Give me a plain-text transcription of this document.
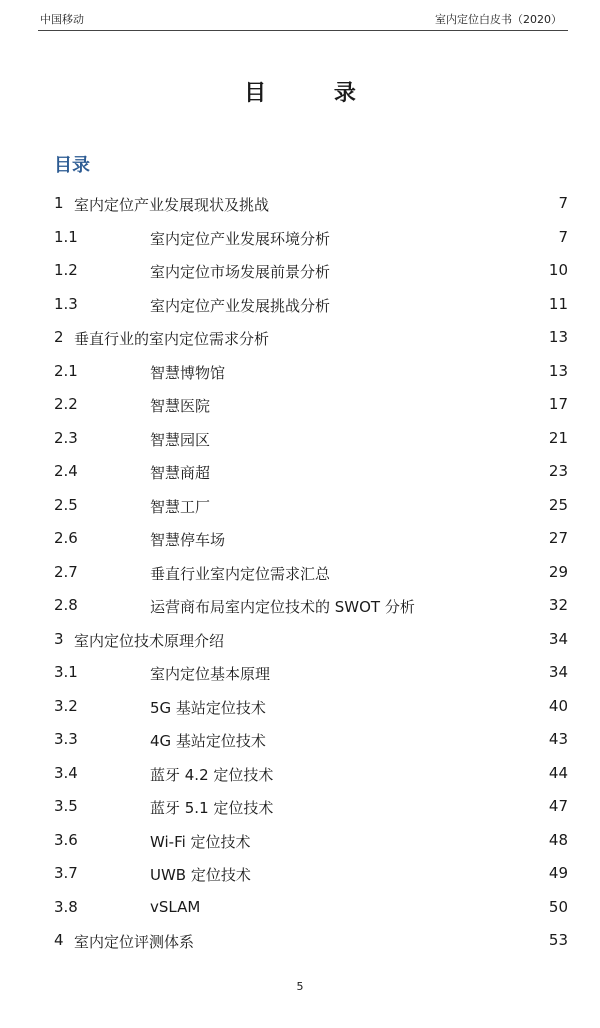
中国移动	室内定位白皮书（2020）
目 录
目录
1 室内定位产业发展现状及挑战	7
1.1	室内定位产业发展环境分析	7
1.2	室内定位市场发展前景分析	10
1.3	室内定位产业发展挑战分析	11
2 垂直行业的室内定位需求分析	13
2.1	智慧博物馆	13
2.2	智慧医院	17
2.3	智慧园区	21
2.4	智慧商超	23
2.5	智慧工厂	25
2.6	智慧停车场	27
2.7	垂直行业室内定位需求汇总	29
2.8	运营商布局室内定位技术的 SWOT 分析	32
3 室内定位技术原理介绍	34
3.1	室内定位基本原理	34
3.2	5G 基站定位技术	40
3.3	4G 基站定位技术	43
3.4	蓝牙 4.2 定位技术	44
3.5	蓝牙 5.1 定位技术	47
3.6	Wi-Fi 定位技术	48
3.7	UWB 定位技术	49
3.8	vSLAM	50
4 室内定位评测体系	53
5
